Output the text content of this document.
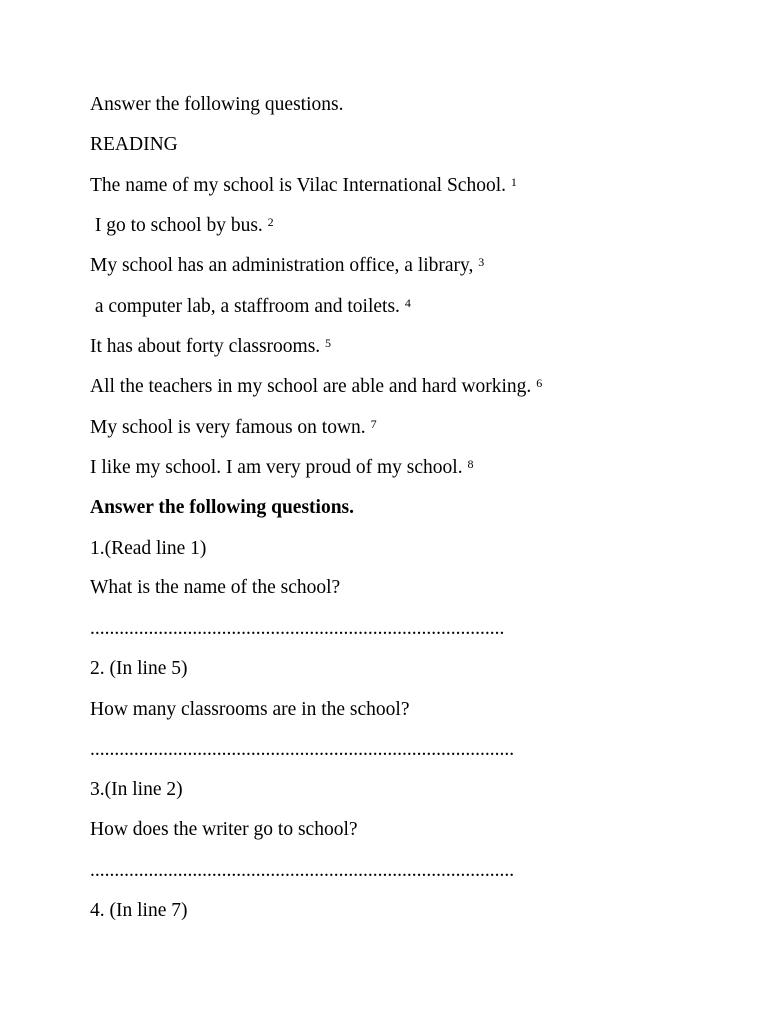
Answer the following questions.
READING
The name of my school is Vilac International School. $^1$
I go to school by bus. $^2$
My school has an administration office, a library, $^3$
a computer lab, a staffroom and toilets. $^4$
It has about forty classrooms. $^5$
All the teachers in my school are able and hard working. $^6$
My school is very famous on town. $^7$
I like my school. I am very proud of my school. $^8$
Answer the following questions.
1.(Read line 1)
What is the name of the school?
.....................................................................................
2. (In line 5)
How many classrooms are in the school?
.......................................................................................
3.(In line 2)
How does the writer go to school?
.......................................................................................
4. (In line 7)
